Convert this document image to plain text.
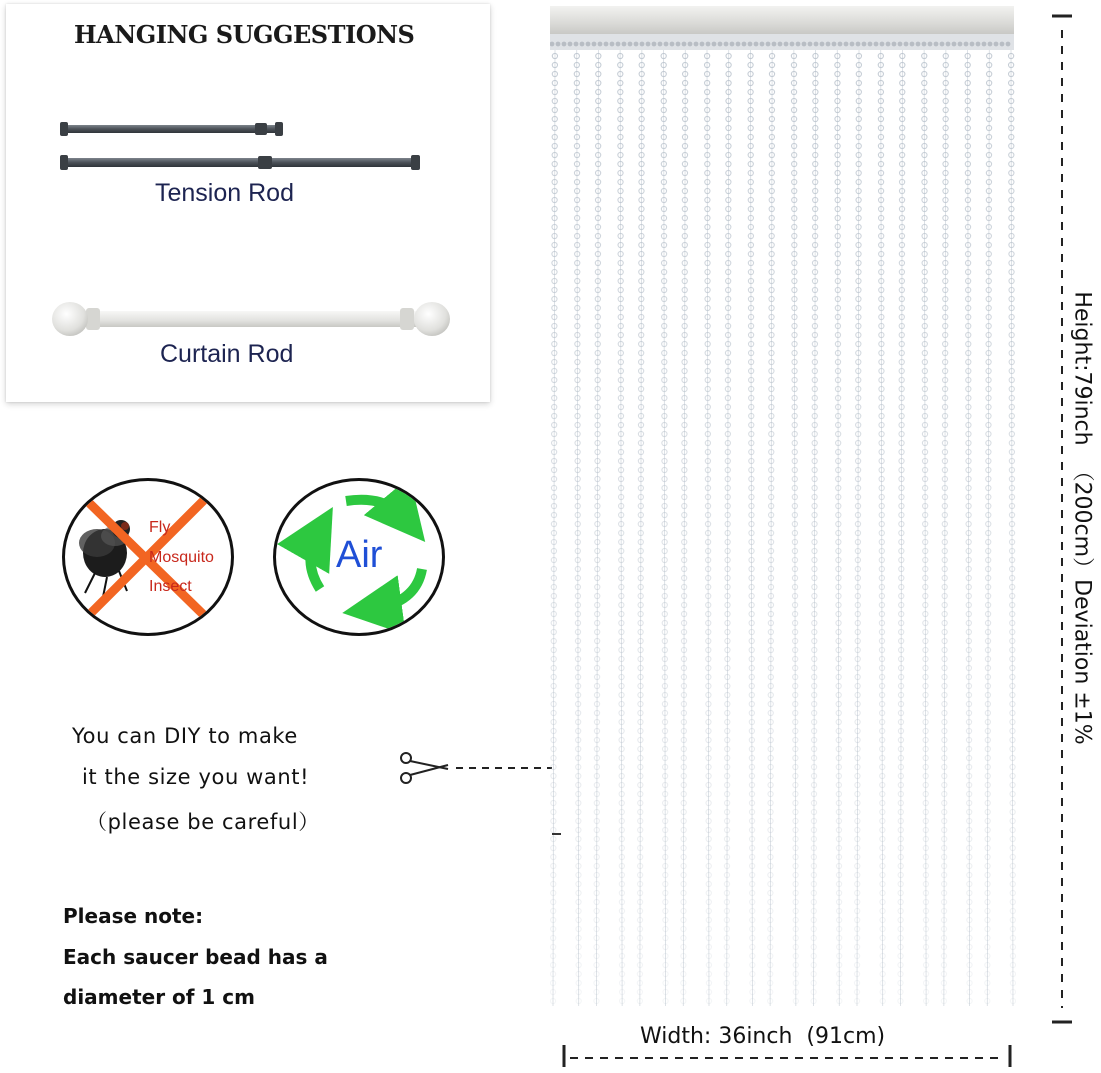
HANGING SUGGESTIONS
Tension Rod
Curtain Rod
Fly
Mosquito
Insect
Air
You can DIY to make
it the size you want!
（please be careful）
Please note:
Each saucer bead has a
diameter of 1 cm
Width: 36inch  (91cm)
Height:79inch  （200cm）Deviation ±1%
